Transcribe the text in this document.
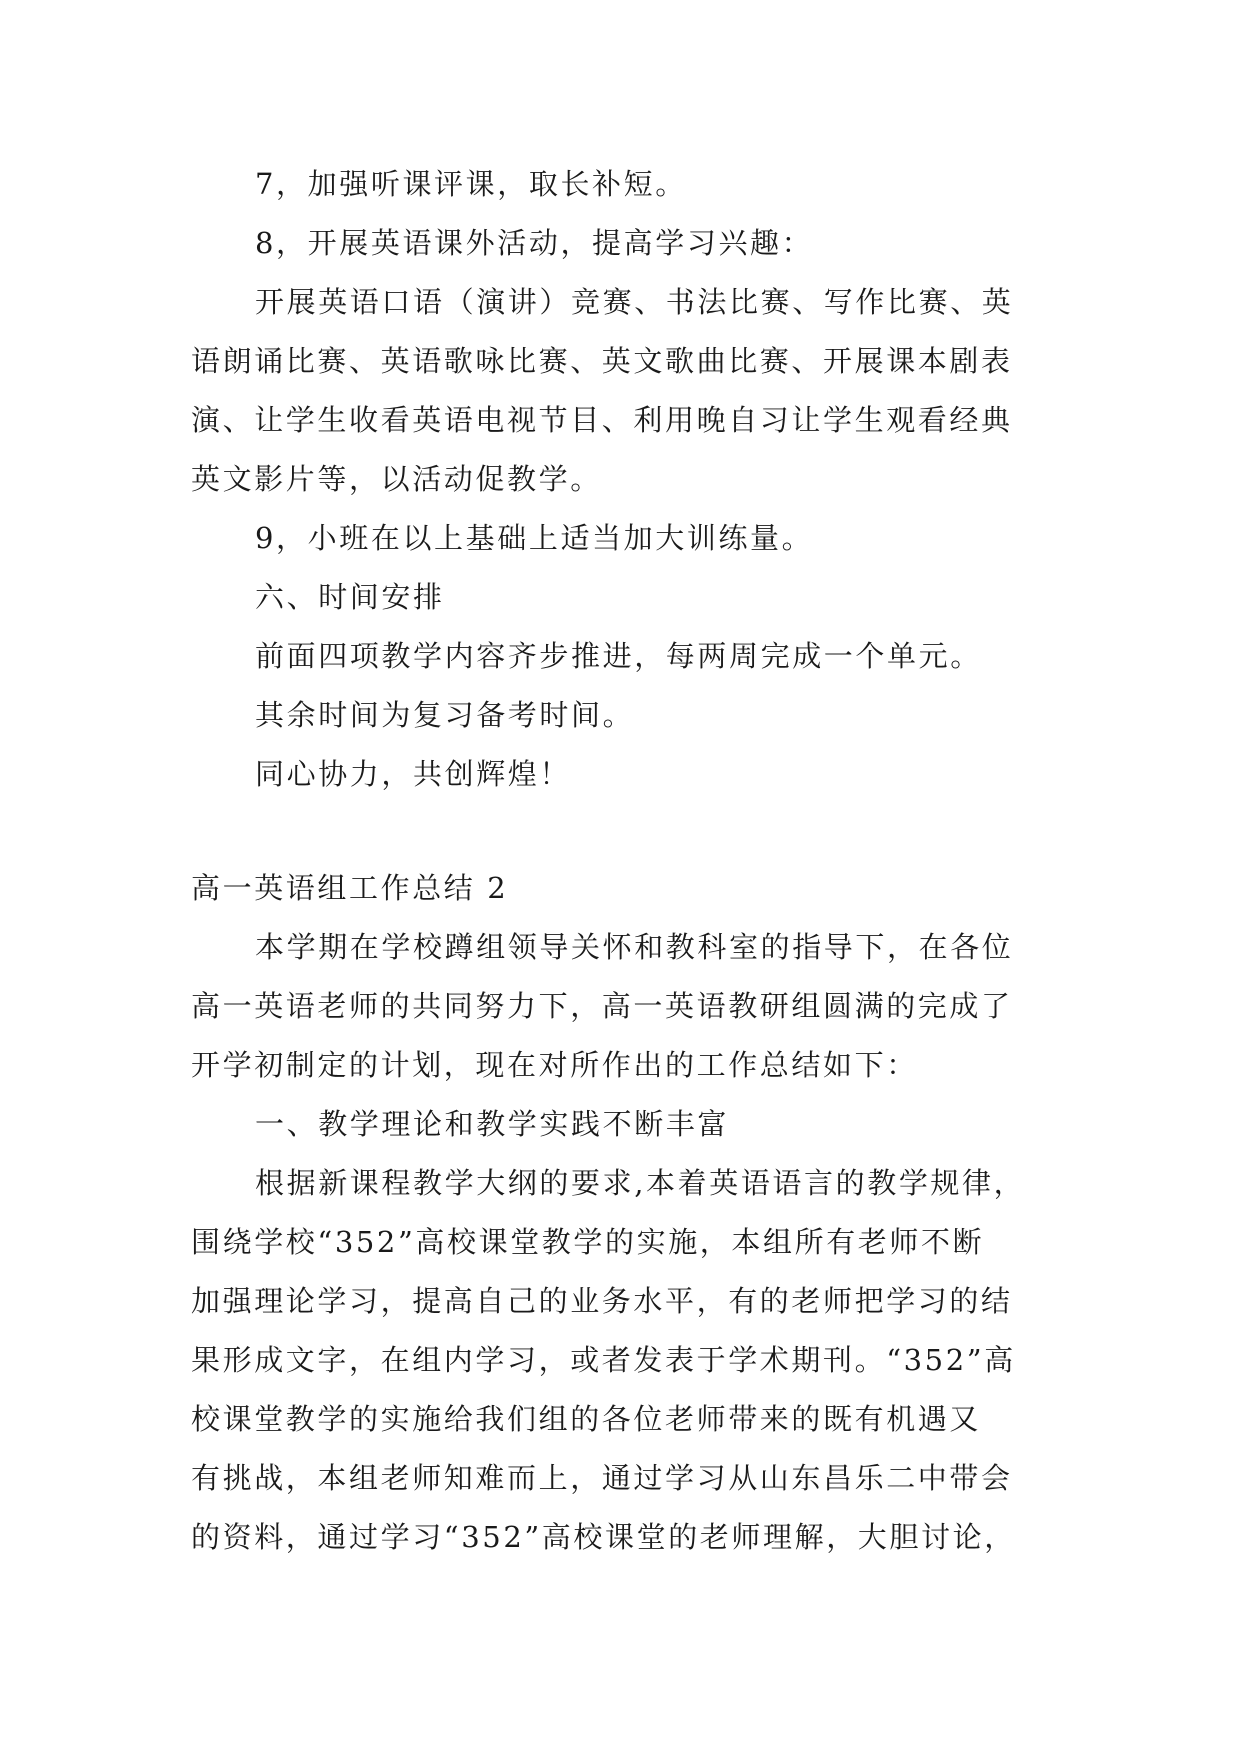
7，加强听课评课，取长补短。

8，开展英语课外活动，提高学习兴趣：

开展英语口语（演讲）竞赛、书法比赛、写作比赛、英
语朗诵比赛、英语歌咏比赛、英文歌曲比赛、开展课本剧表
演、让学生收看英语电视节目、利用晚自习让学生观看经典
英文影片等，以活动促教学。

9，小班在以上基础上适当加大训练量。

六、时间安排

前面四项教学内容齐步推进，每两周完成一个单元。

其余时间为复习备考时间。

同心协力，共创辉煌！

高一英语组工作总结 2

本学期在学校蹲组领导关怀和教科室的指导下，在各位
高一英语老师的共同努力下，高一英语教研组圆满的完成了
开学初制定的计划，现在对所作出的工作总结如下：

一、教学理论和教学实践不断丰富

根据新课程教学大纲的要求,本着英语语言的教学规律，
围绕学校“352”高校课堂教学的实施，本组所有老师不断
加强理论学习，提高自己的业务水平，有的老师把学习的结
果形成文字，在组内学习，或者发表于学术期刊。“352”高
校课堂教学的实施给我们组的各位老师带来的既有机遇又
有挑战，本组老师知难而上，通过学习从山东昌乐二中带会
的资料，通过学习“352”高校课堂的老师理解，大胆讨论，
